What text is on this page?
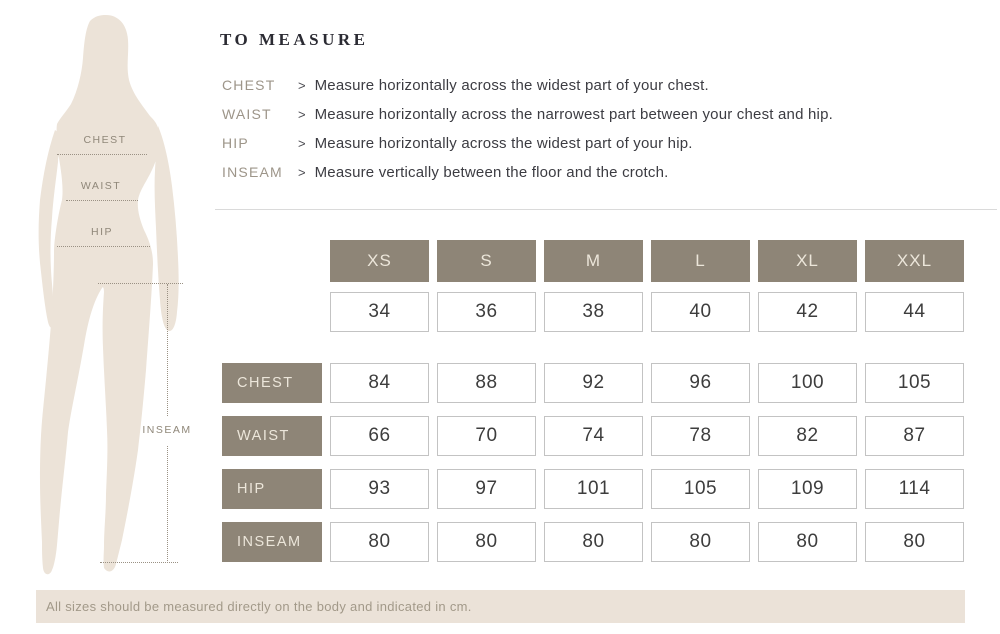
CHEST
WAIST
HIP
INSEAM
TO MEASURE
CHEST	> Measure horizontally across the widest part of your chest.
WAIST	> Measure horizontally across the narrowest part between your chest and hip.
HIP	> Measure horizontally across the widest part of your hip.
INSEAM	> Measure vertically between the floor and the crotch.
XS	S	M	L	XL	XXL
34	36	38	40	42	44
CHEST	84	88	92	96	100	105
WAIST	66	70	74	78	82	87
HIP	93	97	101	105	109	114
INSEAM	80	80	80	80	80	80
All sizes should be measured directly on the body and indicated in cm.
